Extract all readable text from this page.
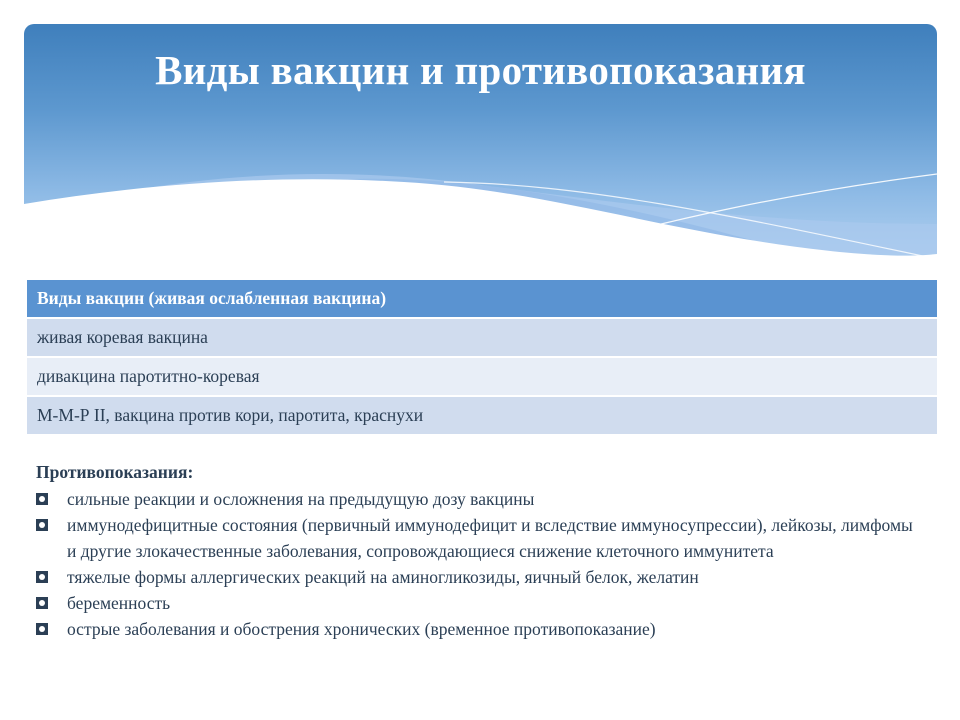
Виды вакцин и противопоказания
Виды вакцин (живая ослабленная вакцина)
живая коревая вакцина
дивакцина паротитно-коревая
М-М-Р II, вакцина против кори, паротита, краснухи
Противопоказания:
сильные реакции и осложнения на предыдущую дозу вакцины
иммунодефицитные состояния (первичный иммунодефицит и вследствие иммуносупрессии), лейкозы, лимфомы и другие злокачественные заболевания, сопровождающиеся снижение клеточного иммунитета
тяжелые формы аллергических реакций на аминогликозиды, яичный белок, желатин
беременность
острые заболевания и обострения хронических (временное противопоказание)
